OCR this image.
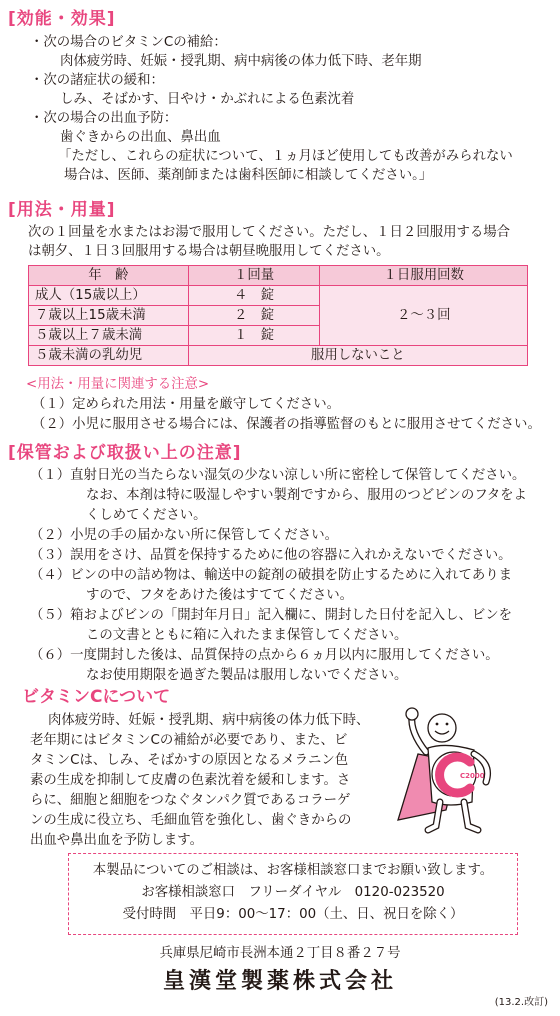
[効能・効果]
・次の場合のビタミンCの補給：
肉体疲労時、妊娠・授乳期、病中病後の体力低下時、老年期
・次の諸症状の緩和：
しみ、そばかす、日やけ・かぶれによる色素沈着
・次の場合の出血予防：
歯ぐきからの出血、鼻出血
「ただし、これらの症状について、１ヵ月ほど使用しても改善がみられない
場合は、医師、薬剤師または歯科医師に相談してください。」
[用法・用量]
次の１回量を水またはお湯で服用してください。ただし、１日２回服用する場合
は朝夕、１日３回服用する場合は朝昼晩服用してください。
年　齢	１回量	１日服用回数
成人（15歳以上）	４　錠	２～３回
７歳以上15歳未満	２　錠	
５歳以上７歳未満	１　錠	
５歳未満の乳幼児	服用しないこと	
<用法・用量に関連する注意>
（１）定められた用法・用量を厳守してください。
（２）小児に服用させる場合には、保護者の指導監督のもとに服用させてください。
[保管および取扱い上の注意]
（１）直射日光の当たらない湿気の少ない涼しい所に密栓して保管してください。
なお、本剤は特に吸湿しやすい製剤ですから、服用のつどビンのフタをよ
くしめてください。
（２）小児の手の届かない所に保管してください。
（３）誤用をさけ、品質を保持するために他の容器に入れかえないでください。
（４）ビンの中の詰め物は、輸送中の錠剤の破損を防止するために入れてありま
すので、フタをあけた後はすててください。
（５）箱およびビンの「開封年月日」記入欄に、開封した日付を記入し、ビンを
この文書とともに箱に入れたまま保管してください。
（６）一度開封した後は、品質保持の点から６ヵ月以内に服用してください。
なお使用期限を過ぎた製品は服用しないでください。
ビタミンCについて
肉体疲労時、妊娠・授乳期、病中病後の体力低下時、
老年期にはビタミンCの補給が必要であり、また、ビ
タミンCは、しみ、そばかすの原因となるメラニン色
素の生成を抑制して皮膚の色素沈着を緩和します。さ
らに、細胞と細胞をつなぐタンパク質であるコラーゲ
ンの生成に役立ち、毛細血管を強化し、歯ぐきからの
出血や鼻出血を予防します。
C2000
本製品についてのご相談は、お客様相談窓口までお願い致します。
お客様相談窓口　フリーダイヤル　0120-023520
受付時間　平日9：00～17：00（土、日、祝日を除く）
兵庫県尼崎市長洲本通２丁目８番２７号
皇漢堂製薬株式会社
(13.2.改訂)
